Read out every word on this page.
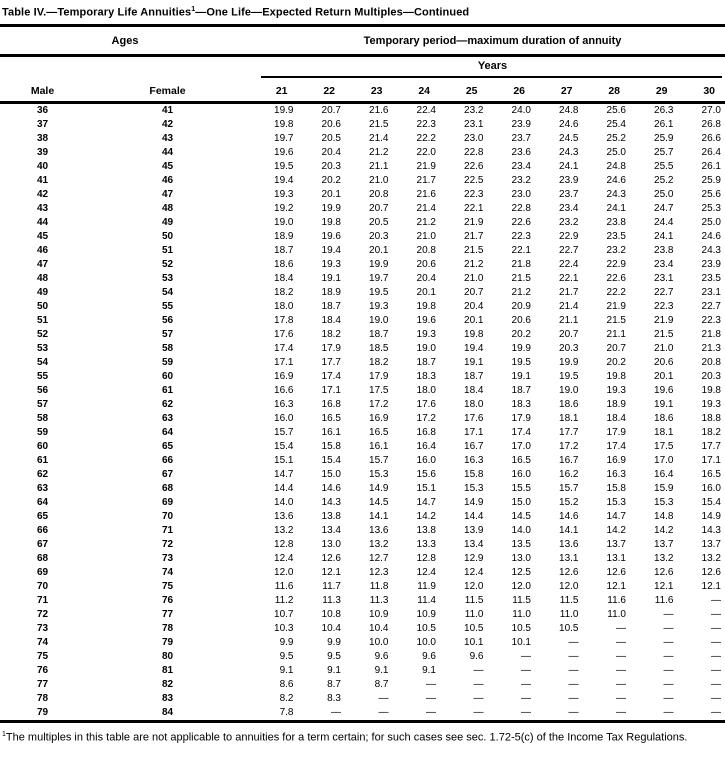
Table IV.—Temporary Life Annuities$^1$—One Life—Expected Return Multiples—Continued
Ages	Temporary period—maximum duration of annuity
Years
Male	Female	21	22	23	24	25	26	27	28	29	30
36	41	19.9	20.7	21.6	22.4	23.2	24.0	24.8	25.6	26.3	27.0
37	42	19.8	20.6	21.5	22.3	23.1	23.9	24.6	25.4	26.1	26.8
38	43	19.7	20.5	21.4	22.2	23.0	23.7	24.5	25.2	25.9	26.6
39	44	19.6	20.4	21.2	22.0	22.8	23.6	24.3	25.0	25.7	26.4
40	45	19.5	20.3	21.1	21.9	22.6	23.4	24.1	24.8	25.5	26.1
41	46	19.4	20.2	21.0	21.7	22.5	23.2	23.9	24.6	25.2	25.9
42	47	19.3	20.1	20.8	21.6	22.3	23.0	23.7	24.3	25.0	25.6
43	48	19.2	19.9	20.7	21.4	22.1	22.8	23.4	24.1	24.7	25.3
44	49	19.0	19.8	20.5	21.2	21.9	22.6	23.2	23.8	24.4	25.0
45	50	18.9	19.6	20.3	21.0	21.7	22.3	22.9	23.5	24.1	24.6
46	51	18.7	19.4	20.1	20.8	21.5	22.1	22.7	23.2	23.8	24.3
47	52	18.6	19.3	19.9	20.6	21.2	21.8	22.4	22.9	23.4	23.9
48	53	18.4	19.1	19.7	20.4	21.0	21.5	22.1	22.6	23.1	23.5
49	54	18.2	18.9	19.5	20.1	20.7	21.2	21.7	22.2	22.7	23.1
50	55	18.0	18.7	19.3	19.8	20.4	20.9	21.4	21.9	22.3	22.7
51	56	17.8	18.4	19.0	19.6	20.1	20.6	21.1	21.5	21.9	22.3
52	57	17.6	18.2	18.7	19.3	19.8	20.2	20.7	21.1	21.5	21.8
53	58	17.4	17.9	18.5	19.0	19.4	19.9	20.3	20.7	21.0	21.3
54	59	17.1	17.7	18.2	18.7	19.1	19.5	19.9	20.2	20.6	20.8
55	60	16.9	17.4	17.9	18.3	18.7	19.1	19.5	19.8	20.1	20.3
56	61	16.6	17.1	17.5	18.0	18.4	18.7	19.0	19.3	19.6	19.8
57	62	16.3	16.8	17.2	17.6	18.0	18.3	18.6	18.9	19.1	19.3
58	63	16.0	16.5	16.9	17.2	17.6	17.9	18.1	18.4	18.6	18.8
59	64	15.7	16.1	16.5	16.8	17.1	17.4	17.7	17.9	18.1	18.2
60	65	15.4	15.8	16.1	16.4	16.7	17.0	17.2	17.4	17.5	17.7
61	66	15.1	15.4	15.7	16.0	16.3	16.5	16.7	16.9	17.0	17.1
62	67	14.7	15.0	15.3	15.6	15.8	16.0	16.2	16.3	16.4	16.5
63	68	14.4	14.6	14.9	15.1	15.3	15.5	15.7	15.8	15.9	16.0
64	69	14.0	14.3	14.5	14.7	14.9	15.0	15.2	15.3	15.3	15.4
65	70	13.6	13.8	14.1	14.2	14.4	14.5	14.6	14.7	14.8	14.9
66	71	13.2	13.4	13.6	13.8	13.9	14.0	14.1	14.2	14.2	14.3
67	72	12.8	13.0	13.2	13.3	13.4	13.5	13.6	13.7	13.7	13.7
68	73	12.4	12.6	12.7	12.8	12.9	13.0	13.1	13.1	13.2	13.2
69	74	12.0	12.1	12.3	12.4	12.4	12.5	12.6	12.6	12.6	12.6
70	75	11.6	11.7	11.8	11.9	12.0	12.0	12.0	12.1	12.1	12.1
71	76	11.2	11.3	11.3	11.4	11.5	11.5	11.5	11.6	11.6	—
72	77	10.7	10.8	10.9	10.9	11.0	11.0	11.0	11.0	—	—
73	78	10.3	10.4	10.4	10.5	10.5	10.5	10.5	—	—	—
74	79	9.9	9.9	10.0	10.0	10.1	10.1	—	—	—	—
75	80	9.5	9.5	9.6	9.6	9.6	—	—	—	—	—
76	81	9.1	9.1	9.1	9.1	—	—	—	—	—	—
77	82	8.6	8.7	8.7	—	—	—	—	—	—	—
78	83	8.2	8.3	—	—	—	—	—	—	—	—
79	84	7.8	—	—	—	—	—	—	—	—	—
$^1$The multiples in this table are not applicable to annuities for a term certain; for such cases see sec. 1.72-5(c) of the Income Tax Regulations.
